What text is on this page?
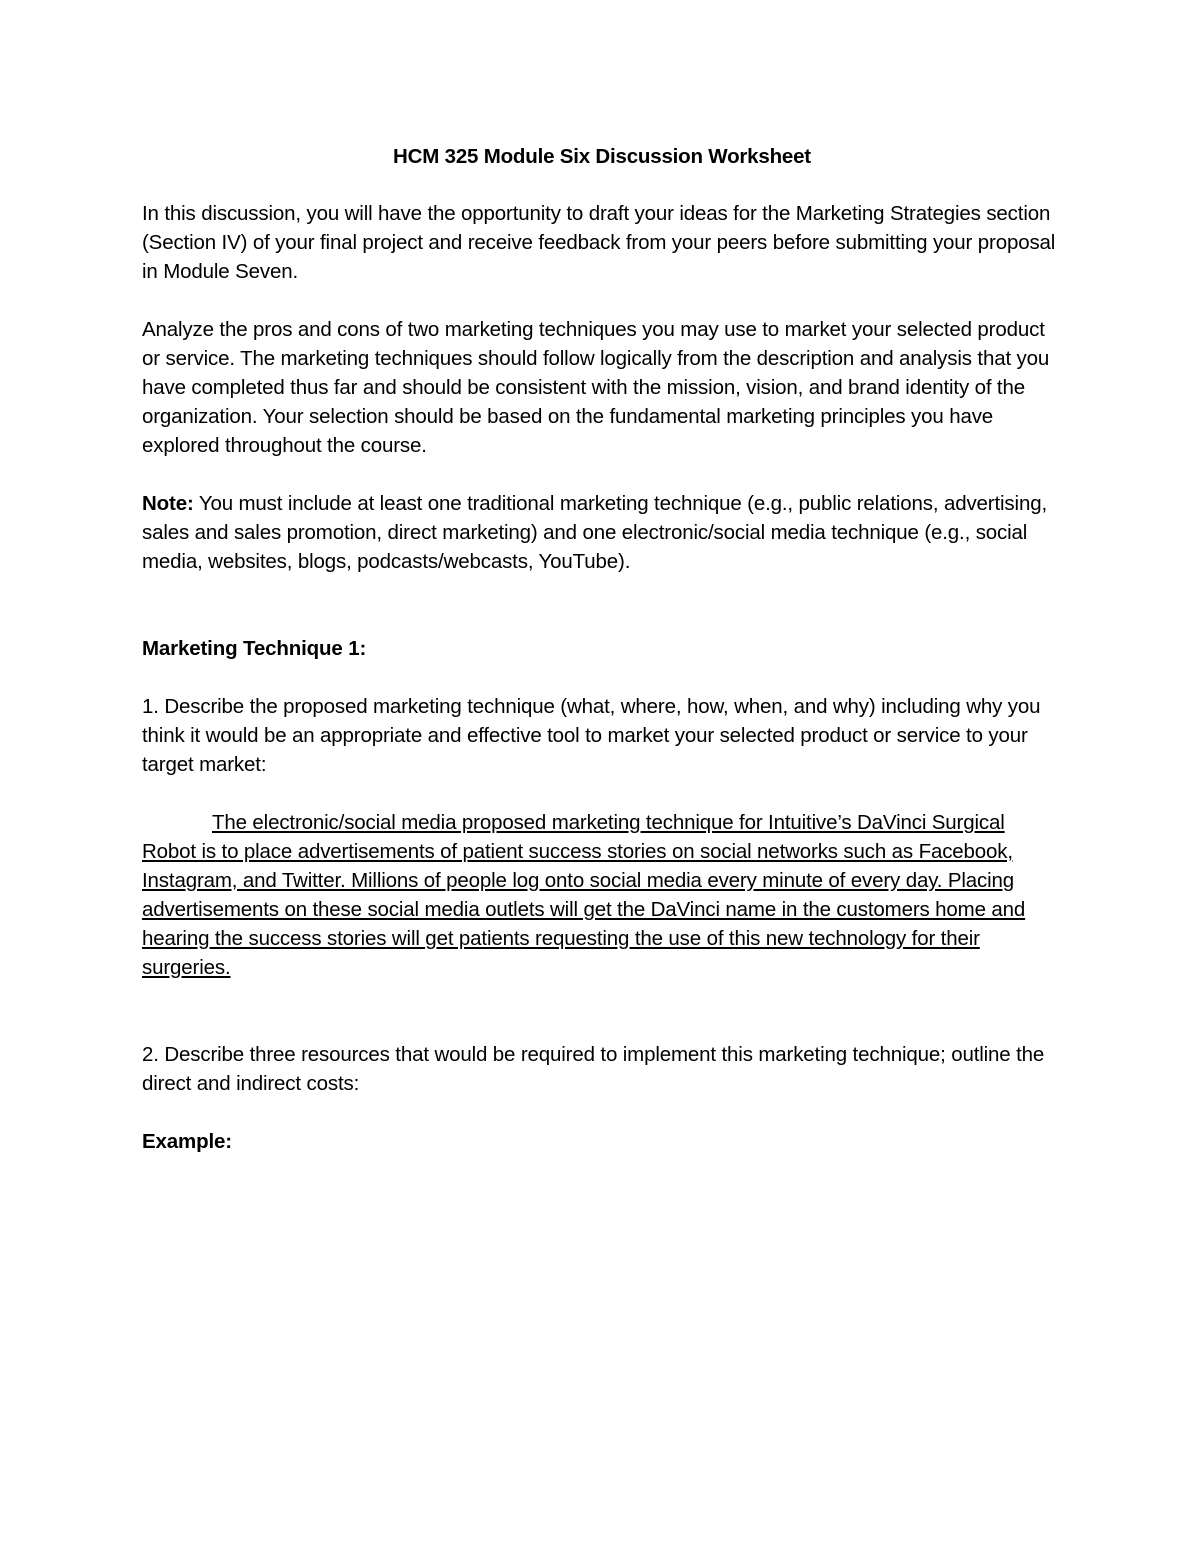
HCM 325 Module Six Discussion Worksheet

In this discussion, you will have the opportunity to draft your ideas for the Marketing Strategies section (Section IV) of your final project and receive feedback from your peers before submitting your proposal in Module Seven.

Analyze the pros and cons of two marketing techniques you may use to market your selected product or service. The marketing techniques should follow logically from the description and analysis that you have completed thus far and should be consistent with the mission, vision, and brand identity of the organization. Your selection should be based on the fundamental marketing principles you have explored throughout the course.

Note: You must include at least one traditional marketing technique (e.g., public relations, advertising, sales and sales promotion, direct marketing) and one electronic/social media technique (e.g., social media, websites, blogs, podcasts/webcasts, YouTube).

Marketing Technique 1:

1. Describe the proposed marketing technique (what, where, how, when, and why) including why you think it would be an appropriate and effective tool to market your selected product or service to your target market:

The electronic/social media proposed marketing technique for Intuitive’s DaVinci Surgical Robot is to place advertisements of patient success stories on social networks such as Facebook, Instagram, and Twitter. Millions of people log onto social media every minute of every day. Placing advertisements on these social media outlets will get the DaVinci name in the customers home and hearing the success stories will get patients requesting the use of this new technology for their surgeries.

2. Describe three resources that would be required to implement this marketing technique; outline the direct and indirect costs:

Example:
